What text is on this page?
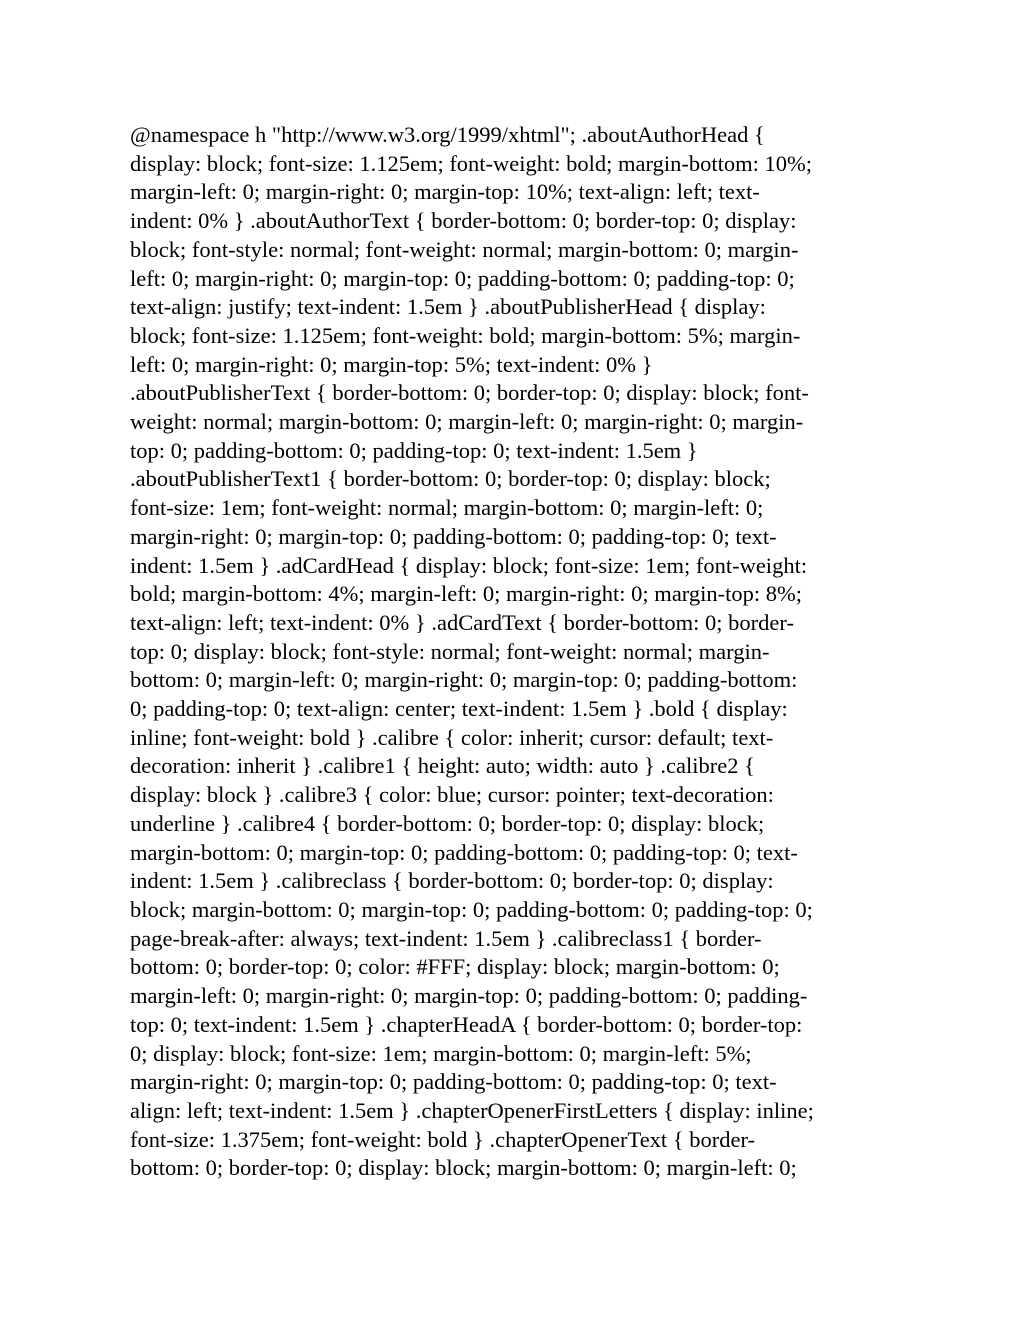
@namespace h "http://www.w3.org/1999/xhtml"; .aboutAuthorHead {
display: block; font-size: 1.125em; font-weight: bold; margin-bottom: 10%;
margin-left: 0; margin-right: 0; margin-top: 10%; text-align: left; text-
indent: 0% } .aboutAuthorText { border-bottom: 0; border-top: 0; display:
block; font-style: normal; font-weight: normal; margin-bottom: 0; margin-
left: 0; margin-right: 0; margin-top: 0; padding-bottom: 0; padding-top: 0;
text-align: justify; text-indent: 1.5em } .aboutPublisherHead { display:
block; font-size: 1.125em; font-weight: bold; margin-bottom: 5%; margin-
left: 0; margin-right: 0; margin-top: 5%; text-indent: 0% }
.aboutPublisherText { border-bottom: 0; border-top: 0; display: block; font-
weight: normal; margin-bottom: 0; margin-left: 0; margin-right: 0; margin-
top: 0; padding-bottom: 0; padding-top: 0; text-indent: 1.5em }
.aboutPublisherText1 { border-bottom: 0; border-top: 0; display: block;
font-size: 1em; font-weight: normal; margin-bottom: 0; margin-left: 0;
margin-right: 0; margin-top: 0; padding-bottom: 0; padding-top: 0; text-
indent: 1.5em } .adCardHead { display: block; font-size: 1em; font-weight:
bold; margin-bottom: 4%; margin-left: 0; margin-right: 0; margin-top: 8%;
text-align: left; text-indent: 0% } .adCardText { border-bottom: 0; border-
top: 0; display: block; font-style: normal; font-weight: normal; margin-
bottom: 0; margin-left: 0; margin-right: 0; margin-top: 0; padding-bottom:
0; padding-top: 0; text-align: center; text-indent: 1.5em } .bold { display:
inline; font-weight: bold } .calibre { color: inherit; cursor: default; text-
decoration: inherit } .calibre1 { height: auto; width: auto } .calibre2 {
display: block } .calibre3 { color: blue; cursor: pointer; text-decoration:
underline } .calibre4 { border-bottom: 0; border-top: 0; display: block;
margin-bottom: 0; margin-top: 0; padding-bottom: 0; padding-top: 0; text-
indent: 1.5em } .calibreclass { border-bottom: 0; border-top: 0; display:
block; margin-bottom: 0; margin-top: 0; padding-bottom: 0; padding-top: 0;
page-break-after: always; text-indent: 1.5em } .calibreclass1 { border-
bottom: 0; border-top: 0; color: #FFF; display: block; margin-bottom: 0;
margin-left: 0; margin-right: 0; margin-top: 0; padding-bottom: 0; padding-
top: 0; text-indent: 1.5em } .chapterHeadA { border-bottom: 0; border-top:
0; display: block; font-size: 1em; margin-bottom: 0; margin-left: 5%;
margin-right: 0; margin-top: 0; padding-bottom: 0; padding-top: 0; text-
align: left; text-indent: 1.5em } .chapterOpenerFirstLetters { display: inline;
font-size: 1.375em; font-weight: bold } .chapterOpenerText { border-
bottom: 0; border-top: 0; display: block; margin-bottom: 0; margin-left: 0;
